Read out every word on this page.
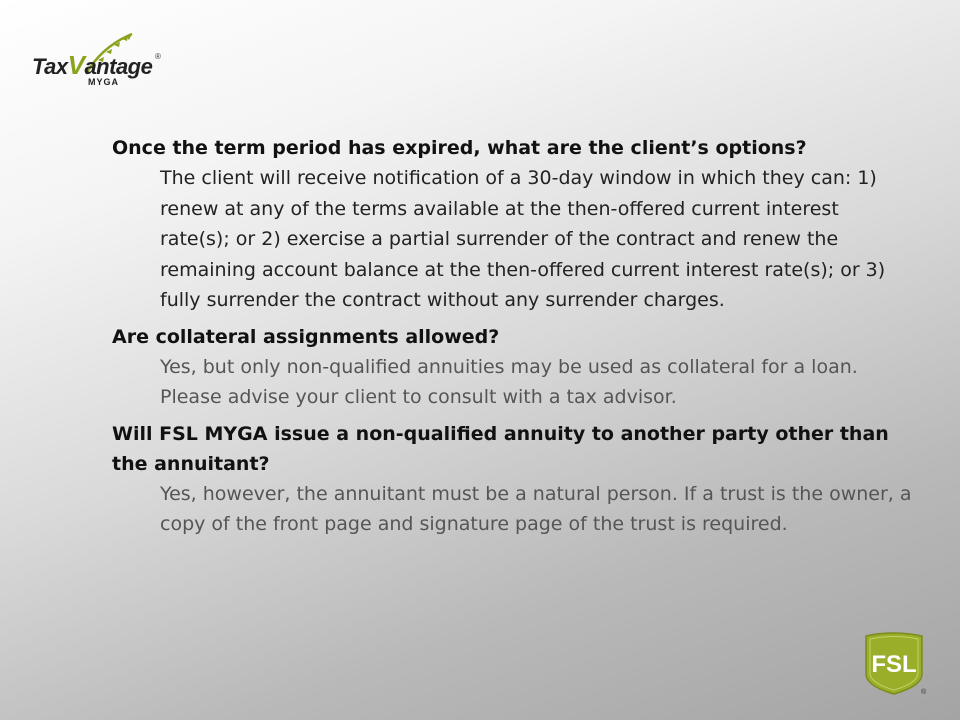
TaxVantage ®
MYGA

Once the term period has expired, what are the client’s options?

The client will receive notification of a 30-day window in which they can: 1) renew at any of the terms available at the then-offered current interest rate(s); or 2) exercise a partial surrender of the contract and renew the remaining account balance at the then-offered current interest rate(s); or 3) fully surrender the contract without any surrender charges.

Are collateral assignments allowed?

Yes, but only non-qualified annuities may be used as collateral for a loan. Please advise your client to consult with a tax advisor.

Will FSL MYGA issue a non-qualified annuity to another party other than the annuitant?

Yes, however, the annuitant must be a natural person. If a trust is the owner, a copy of the front page and signature page of the trust is required.

FSL
®
